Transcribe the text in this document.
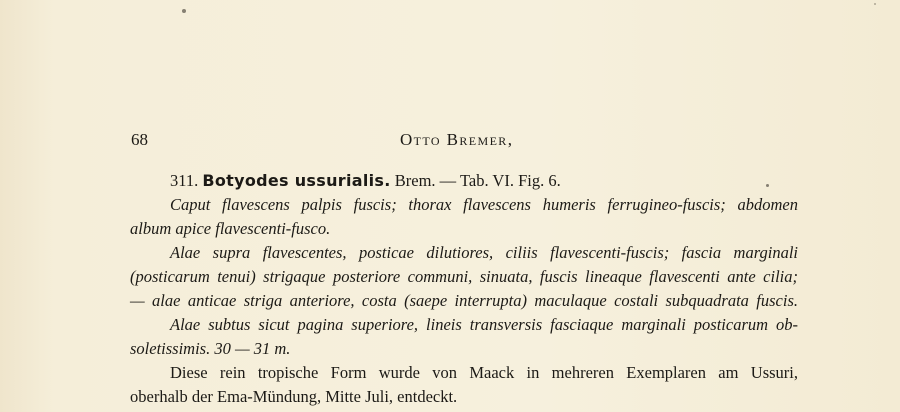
68	Otto Bremer,
311. Botyodes ussurialis. Brem. — Tab. VI. Fig. 6.
Caput flavescens palpis fuscis; thorax flavescens humeris ferrugineo-fuscis; abdomen
album apice flavescenti-fusco.
Alae supra flavescentes, posticae dilutiores, ciliis flavescenti-fuscis; fascia marginali
(posticarum tenui) strigaque posteriore communi, sinuata, fuscis lineaque flavescenti ante cilia;
— alae anticae striga anteriore, costa (saepe interrupta) maculaque costali subquadrata fuscis.
Alae subtus sicut pagina superiore, lineis transversis fasciaque marginali posticarum ob-
soletissimis. 30 — 31 m.
Diese rein tropische Form wurde von Maack in mehreren Exemplaren am Ussuri,
oberhalb der Ema-Mündung, Mitte Juli, entdeckt.
